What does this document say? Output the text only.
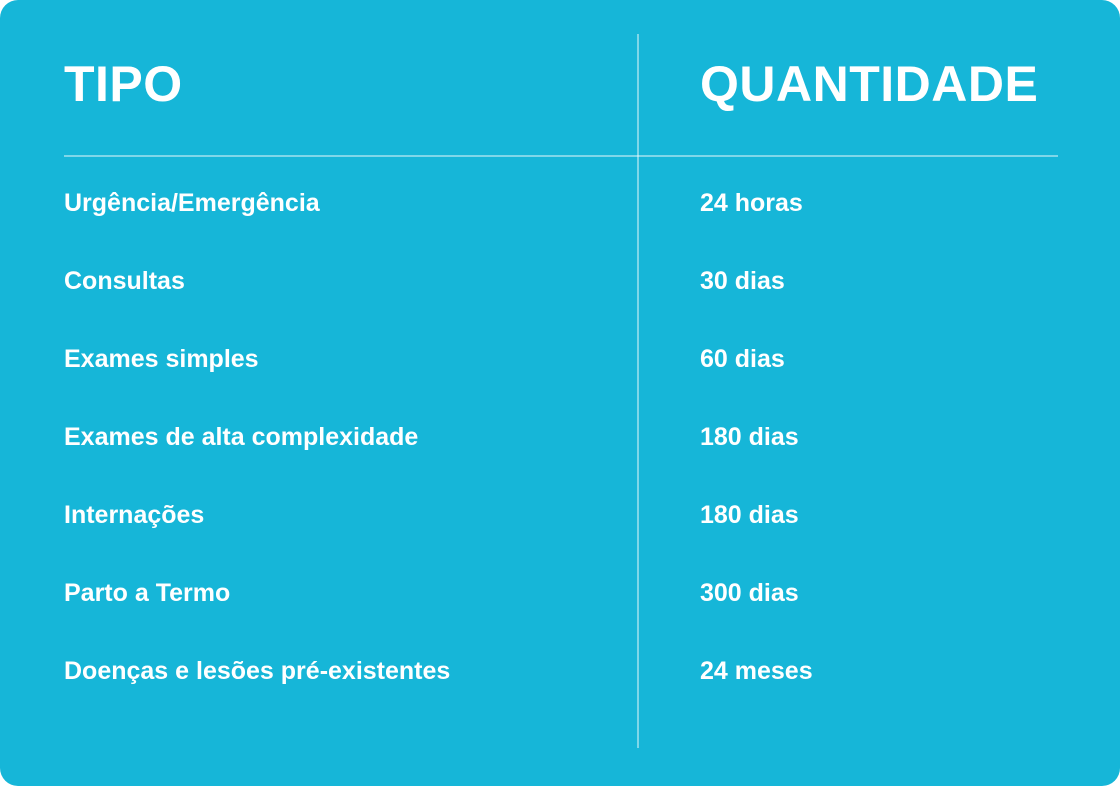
TIPO	QUANTIDADE
Urgência/Emergência	24 horas
Consultas	30 dias
Exames simples	60 dias
Exames de alta complexidade	180 dias
Internações	180 dias
Parto a Termo	300 dias
Doenças e lesões pré-existentes	24 meses
